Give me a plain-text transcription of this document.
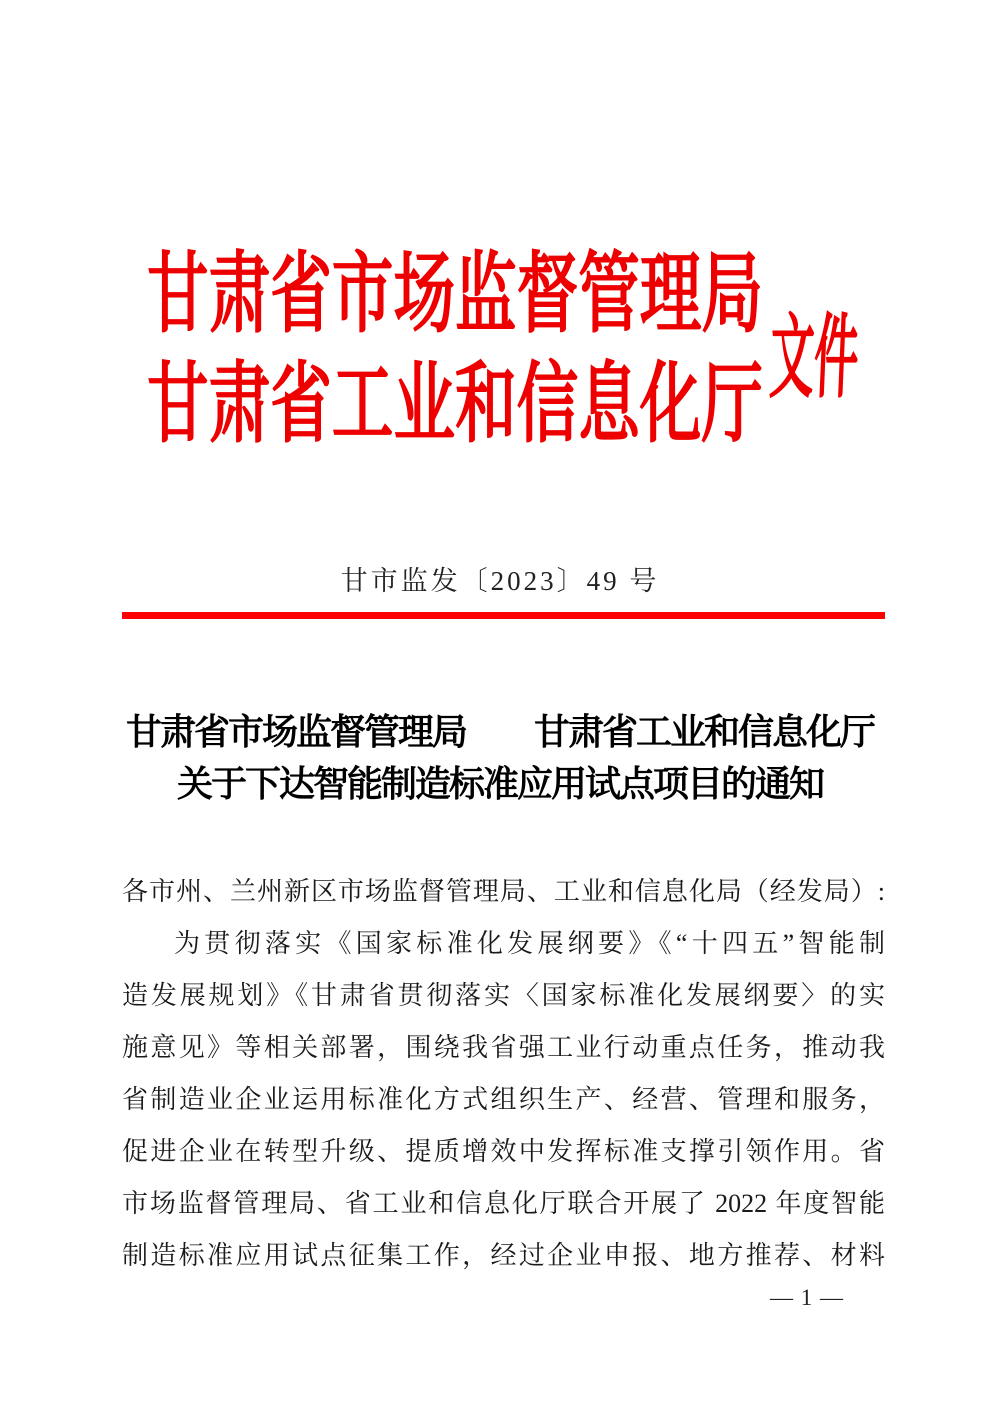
甘肃省市场监督管理局
甘肃省工业和信息化厅 文件
甘市监发〔2023〕49 号
甘肃省市场监督管理局　　甘肃省工业和信息化厅
关于下达智能制造标准应用试点项目的通知
各市州、兰州新区市场监督管理局、工业和信息化局（经发局）:
为贯彻落实《国家标准化发展纲要》《“十四五”智能制
造发展规划》《甘肃省贯彻落实〈国家标准化发展纲要〉的实
施意见》等相关部署，围绕我省强工业行动重点任务，推动我
省制造业企业运用标准化方式组织生产、经营、管理和服务，
促进企业在转型升级、提质增效中发挥标准支撑引领作用。省
市场监督管理局、省工业和信息化厅联合开展了 2022 年度智能
制造标准应用试点征集工作，经过企业申报、地方推荐、材料
— 1 —
